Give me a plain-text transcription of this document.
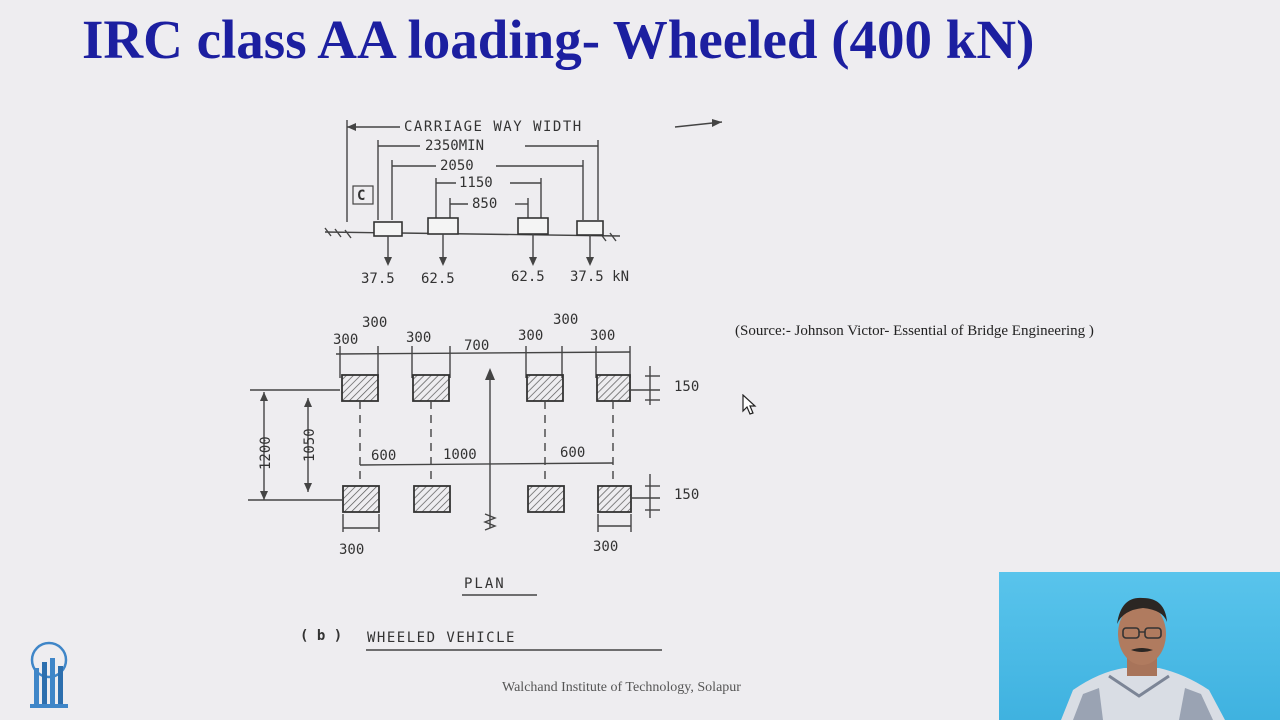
IRC class AA loading- Wheeled (400 kN)
CARRIAGE WAY WIDTH
2350MIN
2050
1150
850
C
37.5 62.5	62.5 37.5 kN
300	300
300	300	300	300
700
1200 1050
150
150
600	1000	600
300	300
PLAN
( b ) WHEELED VEHICLE
(Source:- Johnson Victor- Essential of Bridge Engineering )
Walchand Institute of Technology, Solapur
